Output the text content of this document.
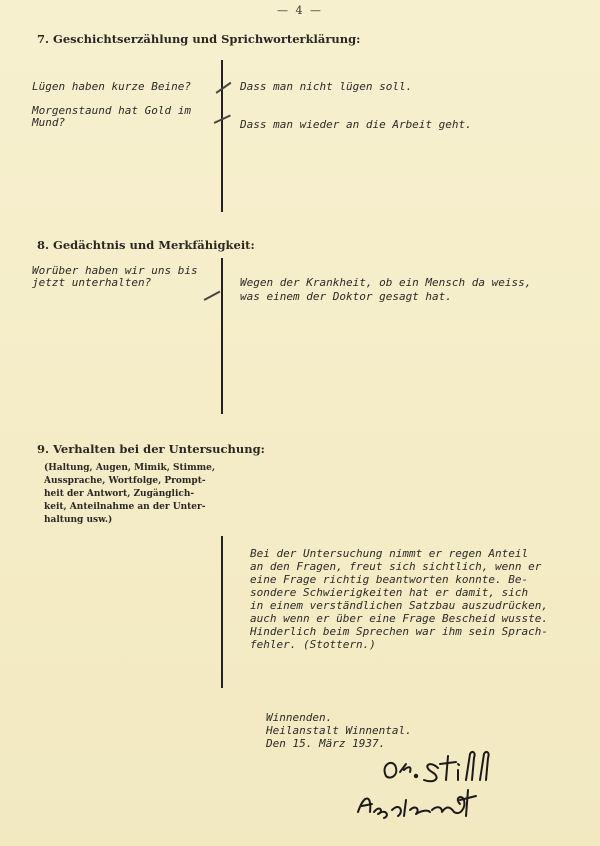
— 4 —
7. Geschichtserzählung und Sprichworterklärung:
Lügen haben kurze Beine?	Dass man nicht lügen soll.
Morgenstaund hat Gold im
Mund?	Dass man wieder an die Arbeit geht.
8. Gedächtnis und Merkfähigkeit:
Worüber haben wir uns bis
jetzt unterhalten?	Wegen der Krankheit, ob ein Mensch da weiss,
was einem der Doktor gesagt hat.
9. Verhalten bei der Untersuchung:
(Haltung, Augen, Mimik, Stimme,
Aussprache, Wortfolge, Prompt-
heit der Antwort, Zugänglich-
keit, Anteilnahme an der Unter-
haltung usw.)
Bei der Untersuchung nimmt er regen Anteil
an den Fragen, freut sich sichtlich, wenn er
eine Frage richtig beantworten konnte. Be-
sondere Schwierigkeiten hat er damit, sich
in einem verständlichen Satzbau auszudrücken,
auch wenn er über eine Frage Bescheid wusste.
Hinderlich beim Sprechen war ihm sein Sprach-
fehler. (Stottern.)
Winnenden.
Heilanstalt Winnental.
Den 15. März 1937.
